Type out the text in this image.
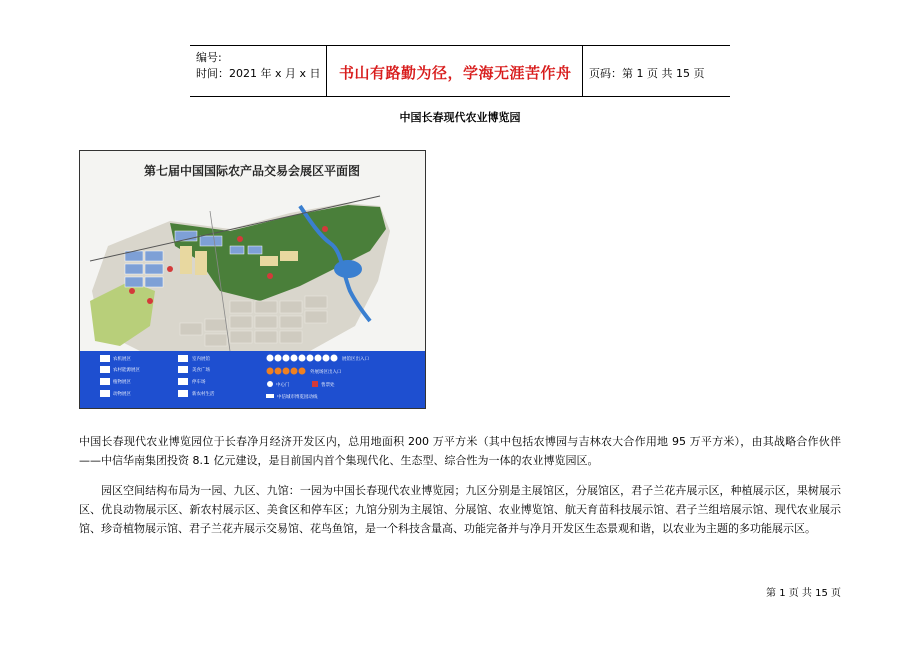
编号:
时间：2021 年 x 月 x 日 书山有路勤为径，学海无涯苦作舟 页码：第 1 页 共 15 页
中国长春现代农业博览园
第七届中国国际农产品交易会展区平面图
农机展区
农村能源展区
植物展区
动物展区
室内展馆
美食广场
停车场
新农村生活
展馆区出入口
外展场区出入口
中心门	售票处
中信城市博览园动线
中国长春现代农业博览园位于长春净月经济开发区内，总用地面积 200 万平方米（其中包括农博园与吉林农大合作用地 95 万平方米），由其战略合作伙伴——中信华南集团投资 8.1 亿元建设，是目前国内首个集现代化、生态型、综合性为一体的农业博览园区。
园区空间结构布局为一园、九区、九馆：一园为中国长春现代农业博览园；九区分别是主展馆区，分展馆区，君子兰花卉展示区，种植展示区，果树展示区、优良动物展示区、新农村展示区、美食区和停车区；九馆分别为主展馆、分展馆、农业博览馆、航天育苗科技展示馆、君子兰组培展示馆、现代农业展示馆、珍奇植物展示馆、君子兰花卉展示交易馆、花鸟鱼馆，是一个科技含量高、功能完备并与净月开发区生态景观和谐，以农业为主题的多功能展示区。
第 1 页 共 15 页
